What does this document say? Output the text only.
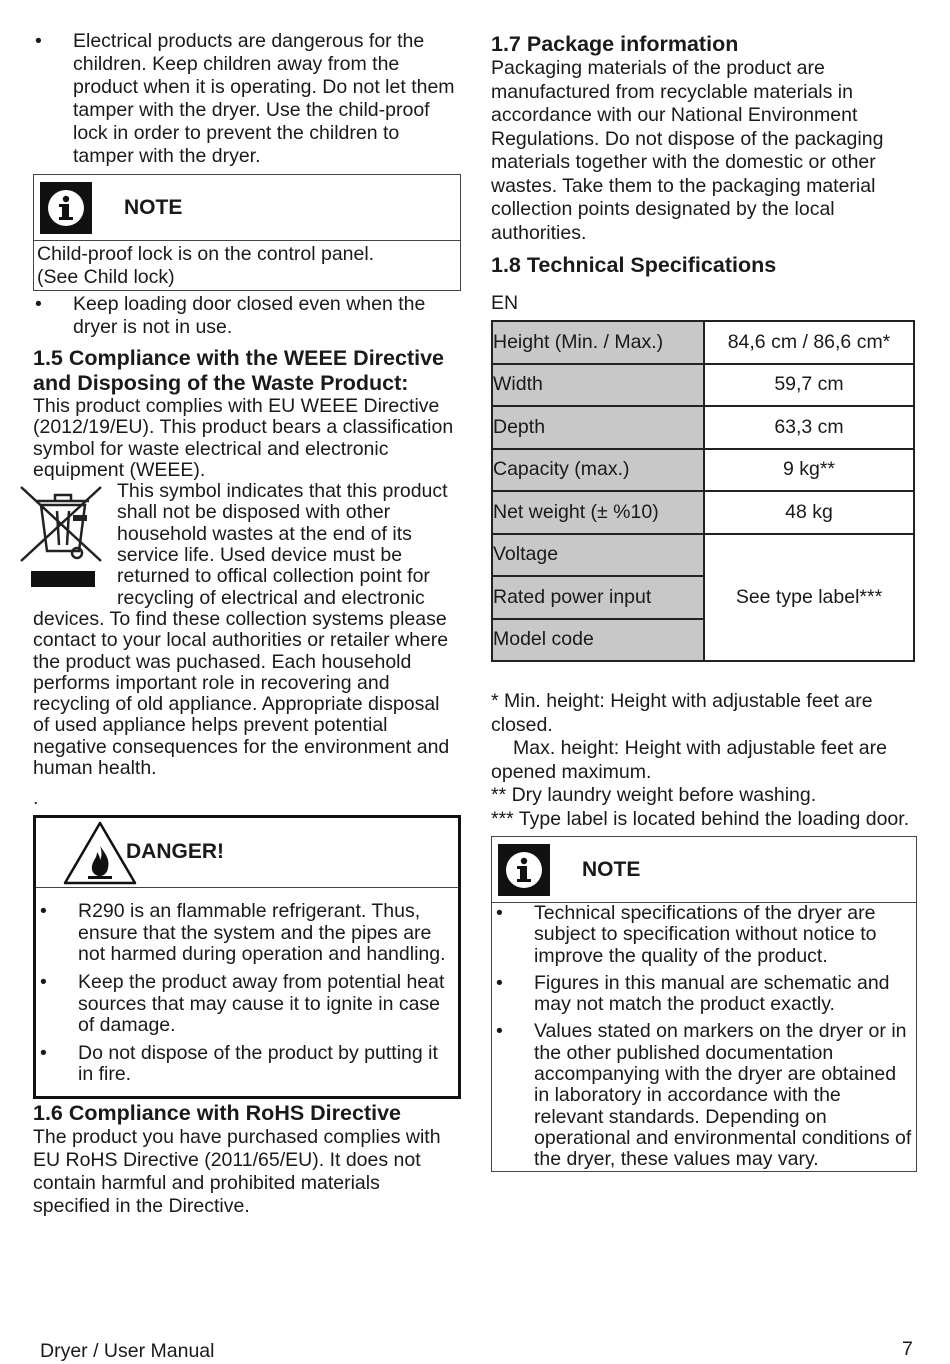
• Electrical products are dangerous for the children. Keep children away from the product when it is operating. Do not let them tamper with the dryer. Use the child-proof lock in order to prevent the children to tamper with the dryer.
NOTE
Child-proof lock is on the control panel.
(See Child lock)
• Keep loading door closed even when the dryer is not in use.
1.5 Compliance with the WEEE Directive and Disposing of the Waste Product:

This product complies with EU WEEE Directive (2012/19/EU). This product bears a classification symbol for waste electrical and electronic equipment (WEEE).

This symbol indicates that this product shall not be disposed with other household wastes at the end of its service life. Used device must be returned to offical collection point for recycling of electrical and electronic devices. To find these collection systems please contact to your local authorities or retailer where the product was puchased. Each household performs important role in recovering and recycling of old appliance. Appropriate disposal of used appliance helps prevent potential negative consequences for the environment and human health.
.
DANGER!
• R290 is an flammable refrigerant. Thus, ensure that the system and the pipes are not harmed during operation and handling.
• Keep the product away from potential heat sources that may cause it to ignite in case of damage.
• Do not dispose of the product by putting it in fire.
1.6 Compliance with RoHS Directive

The product you have purchased complies with EU RoHS Directive (2011/65/EU). It does not contain harmful and prohibited materials specified in the Directive.

1.7 Package information

Packaging materials of the product are manufactured from recyclable materials in accordance with our National Environment Regulations. Do not dispose of the packaging materials together with the domestic or other wastes. Take them to the packaging material collection points designated by the local authorities.

1.8 Technical Specifications
EN
Height (Min. / Max.)	84,6 cm / 86,6 cm*
Width	59,7 cm
Depth	63,3 cm
Capacity (max.)	9 kg**
Net weight (± %10)	48 kg
Voltage	See type label***
Rated power input	
Model code	
* Min. height: Height with adjustable feet are closed.
Max. height: Height with adjustable feet are opened maximum.
** Dry laundry weight before washing.
*** Type label is located behind the loading door.
NOTE
• Technical specifications of the dryer are subject to specification without notice to improve the quality of the product.
• Figures in this manual are schematic and may not match the product exactly.
• Values stated on markers on the dryer or in the other published documentation accompanying with the dryer are obtained in laboratory in accordance with the relevant standards. Depending on operational and environmental conditions of the dryer, these values may vary.
Dryer / User Manual	7
